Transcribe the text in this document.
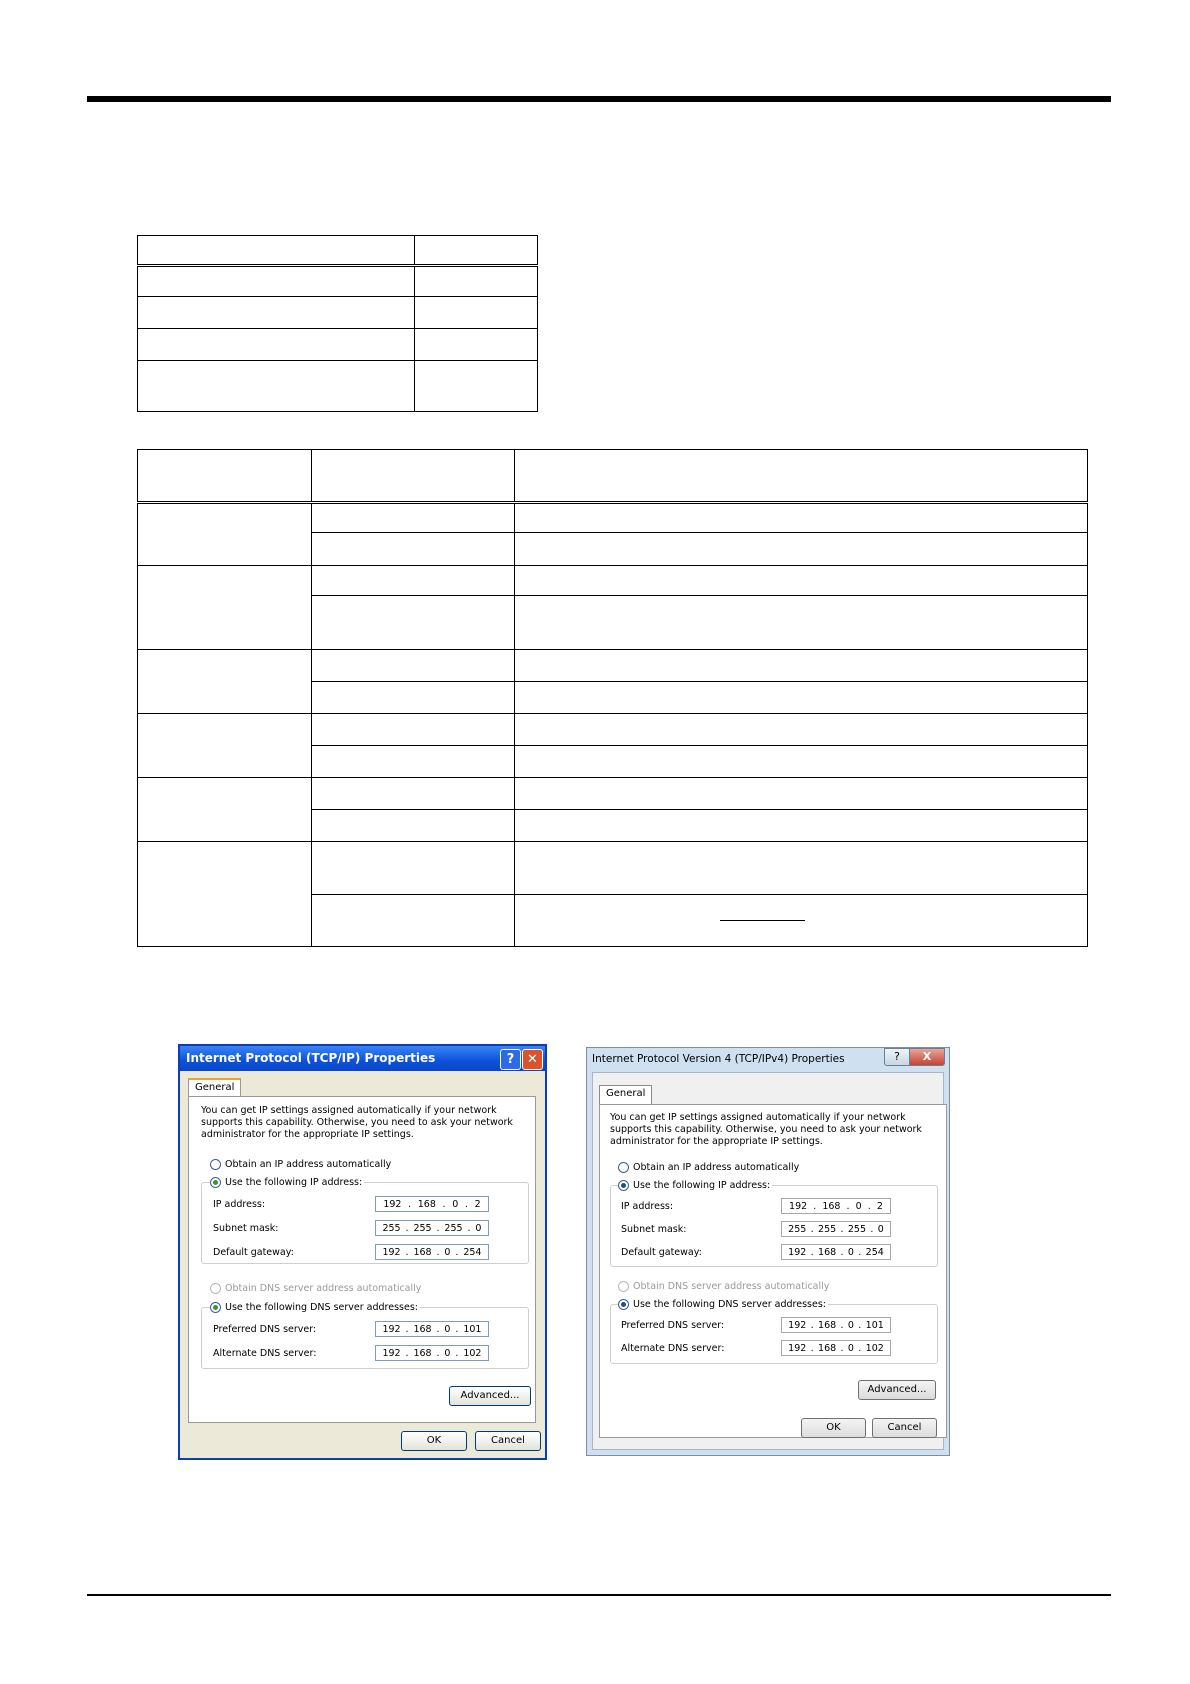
Internet Protocol (TCP/IP) Properties	? ✕
General
You can get IP settings assigned automatically if your network supports this capability. Otherwise, you need to ask your network administrator for the appropriate IP settings.
Obtain an IP address automatically
IP address:	192 . 168 . 0 . 2
Subnet mask:	255 . 255 . 255 . 0
Default gateway:	192 . 168 . 0 . 254
Use the following IP address:
Obtain DNS server address automatically
Preferred DNS server:	192 . 168 . 0 . 101
Alternate DNS server:	192 . 168 . 0 . 102
Use the following DNS server addresses:
Advanced...
OK	Cancel
Internet Protocol Version 4 (TCP/IPv4) Properties	?	X
General
You can get IP settings assigned automatically if your network supports this capability. Otherwise, you need to ask your network administrator for the appropriate IP settings.
Obtain an IP address automatically
IP address:	192 . 168 . 0 . 2
Subnet mask:	255 . 255 . 255 . 0
Default gateway:	192 . 168 . 0 . 254
Use the following IP address:
Obtain DNS server address automatically
Preferred DNS server:	192 . 168 . 0 . 101
Alternate DNS server:	192 . 168 . 0 . 102
Use the following DNS server addresses:
Advanced...
OK	Cancel
